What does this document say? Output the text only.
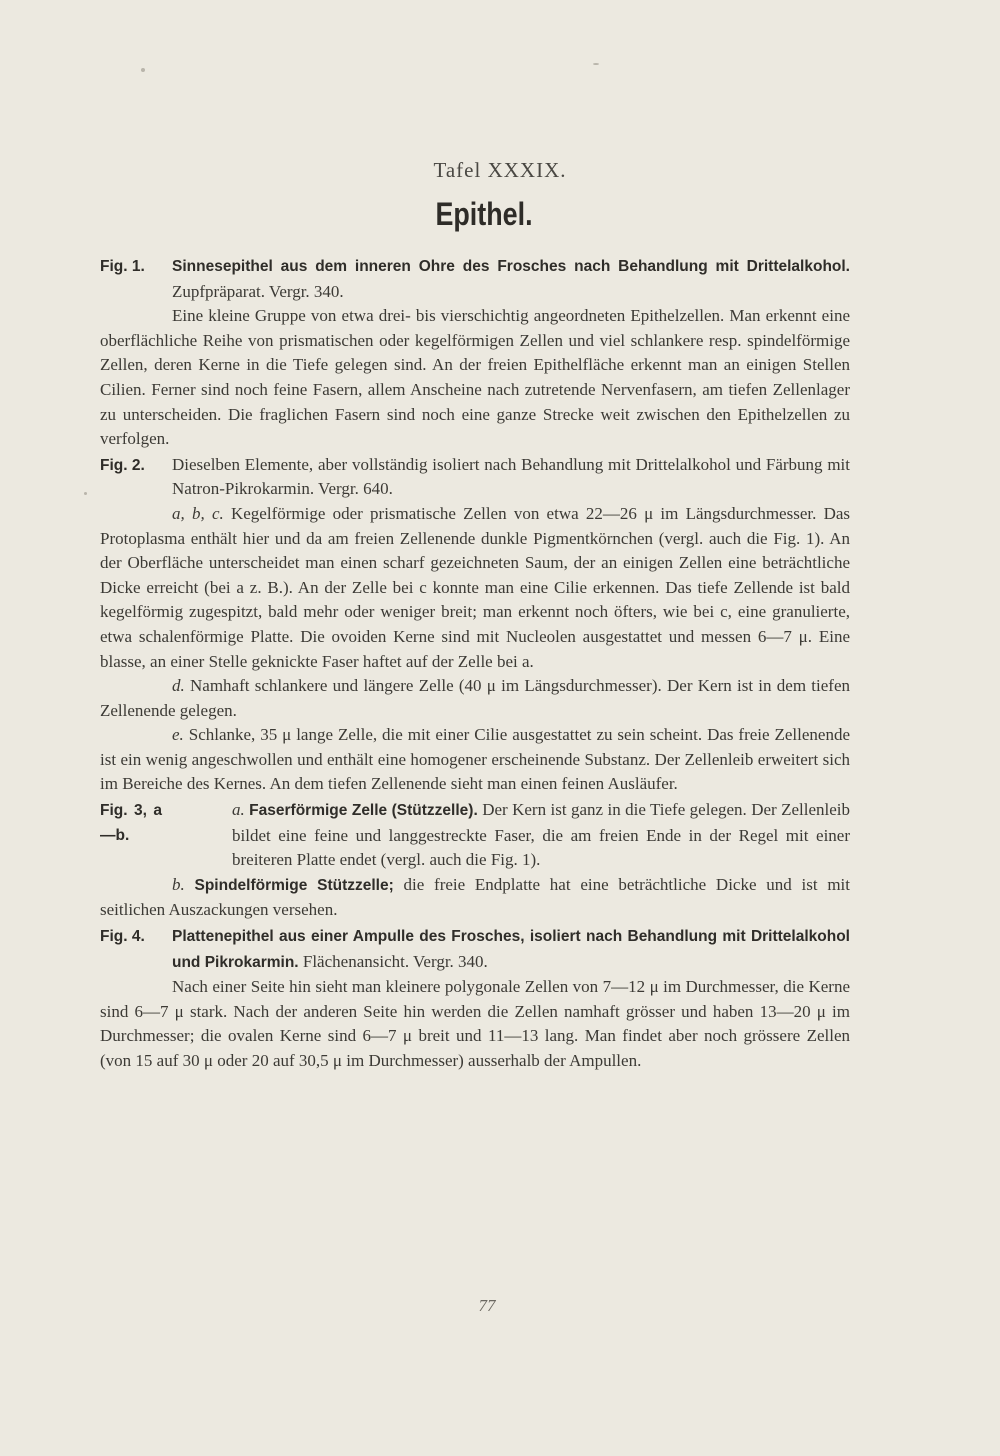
Tafel XXXIX.
Epithel.
Fig. 1.	Sinnesepithel aus dem inneren Ohre des Frosches nach Behandlung mit Drittelalkohol. Zupfpräparat. Vergr. 340.
Eine kleine Gruppe von etwa drei- bis vierschichtig angeordneten Epithelzellen. Man erkennt eine oberflächliche Reihe von prismatischen oder kegelförmigen Zellen und viel schlankere resp. spindelförmige Zellen, deren Kerne in die Tiefe gelegen sind. An der freien Epithelfläche erkennt man an einigen Stellen Cilien. Ferner sind noch feine Fasern, allem Anscheine nach zutretende Nervenfasern, am tiefen Zellenlager zu unterscheiden. Die fraglichen Fasern sind noch eine ganze Strecke weit zwischen den Epithelzellen zu verfolgen.
Fig. 2.	Dieselben Elemente, aber vollständig isoliert nach Behandlung mit Drittelalkohol und Färbung mit Natron-Pikrokarmin. Vergr. 640.
a, b, c. Kegelförmige oder prismatische Zellen von etwa 22—26 μ im Längsdurchmesser. Das Protoplasma enthält hier und da am freien Zellenende dunkle Pigmentkörnchen (vergl. auch die Fig. 1). An der Oberfläche unterscheidet man einen scharf gezeichneten Saum, der an einigen Zellen eine beträchtliche Dicke erreicht (bei a z. B.). An der Zelle bei c konnte man eine Cilie erkennen. Das tiefe Zellende ist bald kegelförmig zugespitzt, bald mehr oder weniger breit; man erkennt noch öfters, wie bei c, eine granulierte, etwa schalenförmige Platte. Die ovoiden Kerne sind mit Nucleolen ausgestattet und messen 6—7 μ. Eine blasse, an einer Stelle geknickte Faser haftet auf der Zelle bei a.
d. Namhaft schlankere und längere Zelle (40 μ im Längsdurchmesser). Der Kern ist in dem tiefen Zellenende gelegen.
e. Schlanke, 35 μ lange Zelle, die mit einer Cilie ausgestattet zu sein scheint. Das freie Zellenende ist ein wenig angeschwollen und enthält eine homogener erscheinende Substanz. Der Zellenleib erweitert sich im Bereiche des Kernes. An dem tiefen Zellenende sieht man einen feinen Ausläufer.
Fig. 3, a—b.
a. Faserförmige Zelle (Stützzelle). Der Kern ist ganz in die Tiefe gelegen. Der Zellenleib bildet eine feine und langgestreckte Faser, die am freien Ende in der Regel mit einer breiteren Platte endet (vergl. auch die Fig. 1).
b. Spindelförmige Stützzelle; die freie Endplatte hat eine beträchtliche Dicke und ist mit seitlichen Auszackungen versehen.
Fig. 4.	Plattenepithel aus einer Ampulle des Frosches, isoliert nach Behandlung mit Drittelalkohol und Pikrokarmin. Flächenansicht. Vergr. 340.
Nach einer Seite hin sieht man kleinere polygonale Zellen von 7—12 μ im Durchmesser, die Kerne sind 6—7 μ stark. Nach der anderen Seite hin werden die Zellen namhaft grösser und haben 13—20 μ im Durchmesser; die ovalen Kerne sind 6—7 μ breit und 11—13 lang. Man findet aber noch grössere Zellen (von 15 auf 30 μ oder 20 auf 30,5 μ im Durchmesser) ausserhalb der Ampullen.
77
